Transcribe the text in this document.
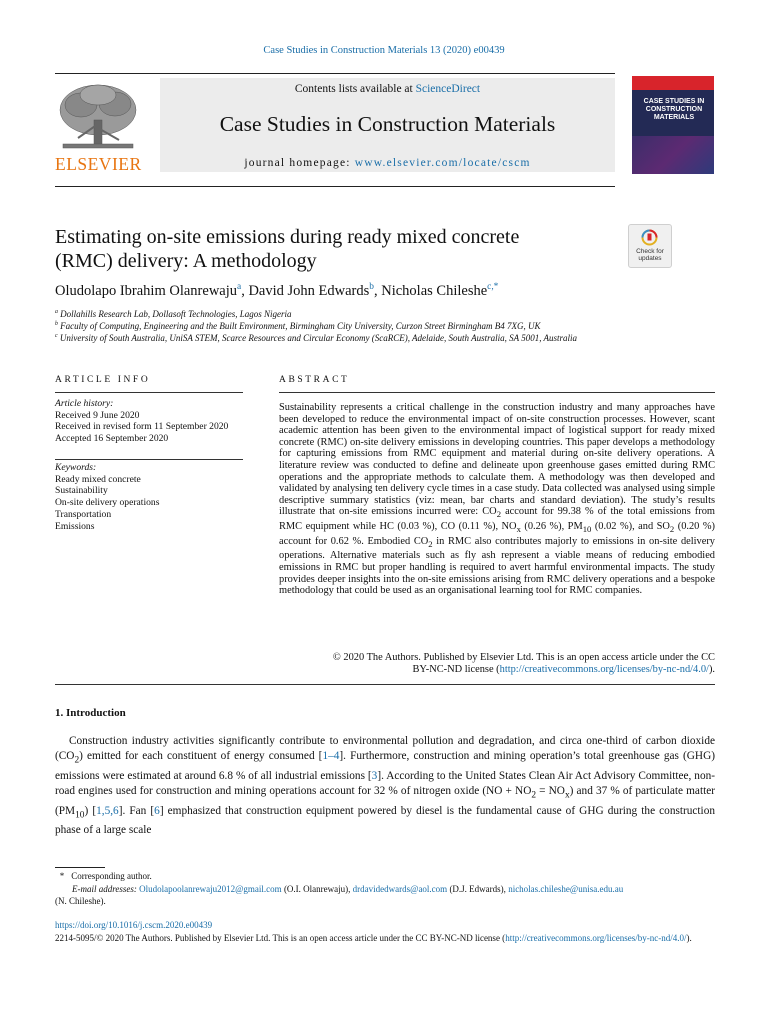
Case Studies in Construction Materials 13 (2020) e00439
Contents lists available at ScienceDirect
Case Studies in Construction Materials
journal homepage: www.elsevier.com/locate/cscm
ELSEVIER
CASE STUDIES IN CONSTRUCTION MATERIALS
Estimating on-site emissions during ready mixed concrete
(RMC) delivery: A methodology	Check for updates
Oludolapo Ibrahim Olanrewaju$^a$, David John Edwards$^b$, Nicholas Chileshe$^{c,*}$
$^a$ Dollahills Research Lab, Dollasoft Technologies, Lagos Nigeria
$^b$ Faculty of Computing, Engineering and the Built Environment, Birmingham City University, Curzon Street Birmingham B4 7XG, UK
$^c$ University of South Australia, UniSA STEM, Scarce Resources and Circular Economy (ScaRCE), Adelaide, South Australia, SA 5001, Australia
ARTICLE INFO	ABSTRACT
Article history:
Received 9 June 2020
Received in revised form 11 September 2020
Accepted 16 September 2020
Keywords:
Ready mixed concrete
Sustainability
On-site delivery operations
Transportation
Emissions
Sustainability represents a critical challenge in the construction industry and many approaches have been developed to reduce the environmental impact of on-site construction processes. However, scant academic attention has been given to the environmental impact of logistical support for ready mixed concrete (RMC) on-site delivery emissions in developing countries. This paper develops a methodology for capturing emissions from RMC equipment and material during on-site delivery operations. A literature review was conducted to define and delineate upon greenhouse gases emitted during RMC operations and the appropriate methods to calculate them. A methodology was then developed and validated by analysing ten delivery cycle times in a case study. Data collected was analysed using simple descriptive summary statistics (viz: mean, bar charts and standard deviation). The study’s results illustrate that on-site emissions incurred were: $CO_2$ account for 99.38 % of the total emissions from RMC equipment while HC (0.03 %), CO (0.11 %), $NO_x$ (0.26 %), $PM_{10}$ (0.02 %), and $SO_2$ (0.20 %) account for 0.62 %. Embodied $CO_2$ in RMC also contributes majorly to emissions in on-site delivery operations. Alternative materials such as fly ash represent a viable means of reducing embodied emissions in RMC but proper handling is required to avert harmful environmental impacts. The study provides deeper insights into the on-site emissions arising from RMC delivery operations and a bespoke methodology that could be used as an organisational learning tool for RMC companies.
© 2020 The Authors. Published by Elsevier Ltd. This is an open access article under the CC
BY-NC-ND license (http://creativecommons.org/licenses/by-nc-nd/4.0/).
1. Introduction
Construction industry activities significantly contribute to environmental pollution and degradation, and circa one-third of carbon dioxide $(CO_2)$ emitted for each constituent of energy consumed [1–4]. Furthermore, construction and mining operation’s total greenhouse gas (GHG) emissions were estimated at around 6.8 % of all industrial emissions [3]. According to the United States Clean Air Act Advisory Committee, non-road engines used for construction and mining operations account for 32 % of nitrogen oxide $(NO + NO_2 = NO_x)$ and 37 % of particulate matter $(PM_{10})$ [1,5,6]. Fan [6] emphasized that construction equipment powered by diesel is the fundamental cause of GHG during the construction phase of a large scale
* Corresponding author.
E-mail addresses: Oludolapoolanrewaju2012@gmail.com (O.I. Olanrewaju), drdavidedwards@aol.com (D.J. Edwards), nicholas.chileshe@unisa.edu.au
(N. Chileshe).
https://doi.org/10.1016/j.cscm.2020.e00439
2214-5095/© 2020 The Authors. Published by Elsevier Ltd. This is an open access article under the CC BY-NC-ND license (http://creativecommons.org/licenses/by-nc-nd/4.0/).
